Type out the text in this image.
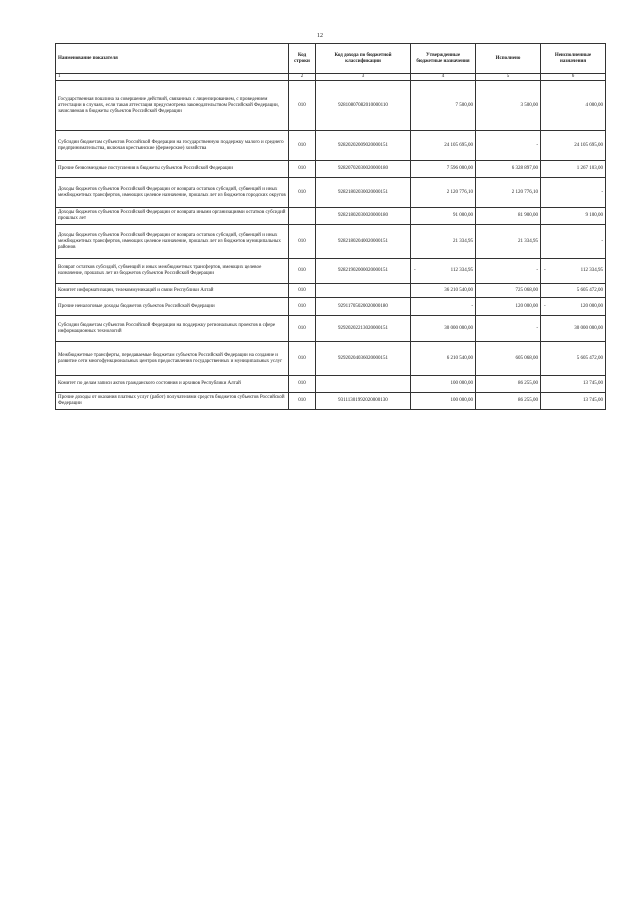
12
Наименование показателя	Код строки	Код дохода по бюджетной классификации	Утвержденные бюджетные назначения	Исполнено	Неисполненные назначения
1	2	3	4	5	6
Государственная пошлина за совершение действий, связанных с лицензированием, с проведением аттестации в случаях, если такая аттестация предусмотрена законодательством Российской Федерации, зачисляемая в бюджеты субъектов Российской Федерации	010	92810807082010000110	7 500,00	3 500,00	4 000,00
Субсидии бюджетам субъектов Российской Федерации на государственную поддержку малого и среднего предпринимательства, включая крестьянские (фермерские) хозяйства	010	92820202009020000151	24 105 695,00	-	24 105 695,00
Прочие безвозмездные поступления в бюджеты субъектов Российской Федерации	010	92820702030020000180	7 596 000,00	6 328 897,00	1 267 103,00
Доходы бюджетов субъектов Российской Федерации от возврата остатков субсидий, субвенций и иных межбюджетных трансфертов, имеющих целевое назначение, прошлых лет из бюджетов городских округов	010	92821802030020000151	2 120 776,10	2 120 776,10	-
Доходы бюджетов субъектов Российской Федерации от возврата иными организациями остатков субсидий прошлых лет		92821802030020000180	91 000,00	81 900,00	9 100,00
Доходы бюджетов субъектов Российской Федерации от возврата остатков субсидий, субвенций и иных межбюджетных трансфертов, имеющих целевое назначение, прошлых лет из бюджетов муниципальных районов	010	92821802040020000151	21 334,95	21 334,95	-
Возврат остатков субсидий, субвенций и иных межбюджетных трансфертов, имеющих целевое назначение, прошлых лет из бюджетов субъектов Российской Федерации	010	92821902000020000151	- 112 334,95	-	- 112 334,95
Комитет информатизации, телекоммуникаций и связи Республики Алтай	010		36 210 540,00	725 068,00	5 605 472,00
Прочие неналоговые доходы бюджетов субъектов Российской Федерации	010	92911705020020000180	-	120 000,00	- 120 000,00
Субсидии бюджетам субъектов Российской Федерации на поддержку региональных проектов в сфере информационных технологий	010	92920202213020000151	30 000 000,00	-	30 000 000,00
Межбюджетные трансферты, передаваемые бюджетам субъектов Российской Федерации на создание и развитие сети многофункциональных центров предоставления государственных и муниципальных услуг	010	92920204036020000151	6 210 540,00	605 068,00	5 605 472,00
Комитет по делам записи актов гражданского состояния и архивов Республики Алтай	010		100 000,00	86 255,00	13 745,00
Прочие доходы от оказания платных услуг (работ) получателями средств бюджетов субъектов Российской Федерации	010	93111301992020000130	100 000,00	86 255,00	13 745,00
